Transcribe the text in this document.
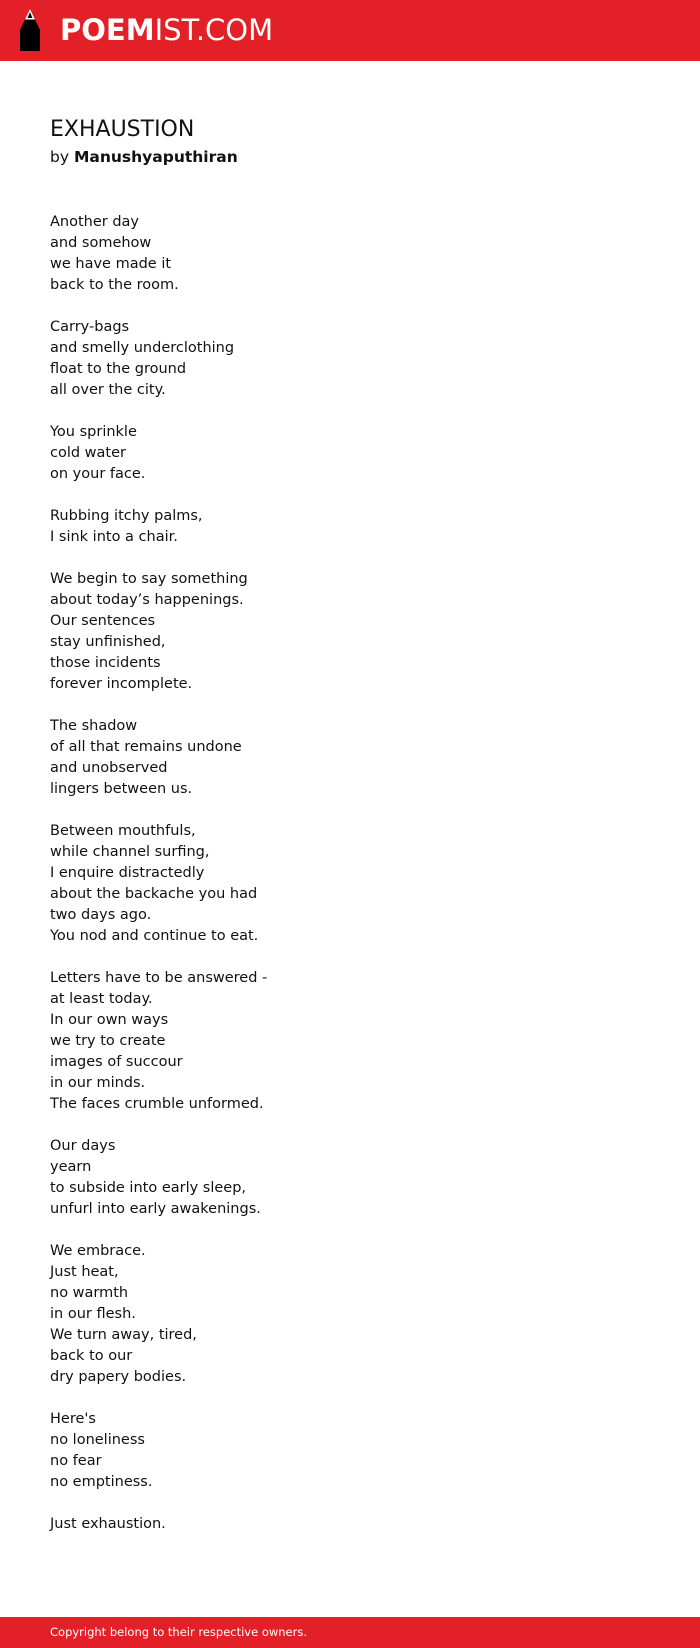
POEMIST.COM
EXHAUSTION

by Manushyaputhiran

Another day
and somehow
we have made it
back to the room.

Carry-bags
and smelly underclothing
float to the ground
all over the city.

You sprinkle
cold water
on your face.

Rubbing itchy palms,
I sink into a chair.

We begin to say something
about today’s happenings.
Our sentences
stay unfinished,
those incidents
forever incomplete.

The shadow
of all that remains undone
and unobserved
lingers between us.

Between mouthfuls,
while channel surfing,
I enquire distractedly
about the backache you had
two days ago.
You nod and continue to eat.

Letters have to be answered -
at least today.
In our own ways
we try to create
images of succour
in our minds.
The faces crumble unformed.

Our days
yearn
to subside into early sleep,
unfurl into early awakenings.

We embrace.
Just heat,
no warmth
in our flesh.
We turn away, tired,
back to our
dry papery bodies.

Here's
no loneliness
no fear
no emptiness.

Just exhaustion.

Copyright belong to their respective owners.
